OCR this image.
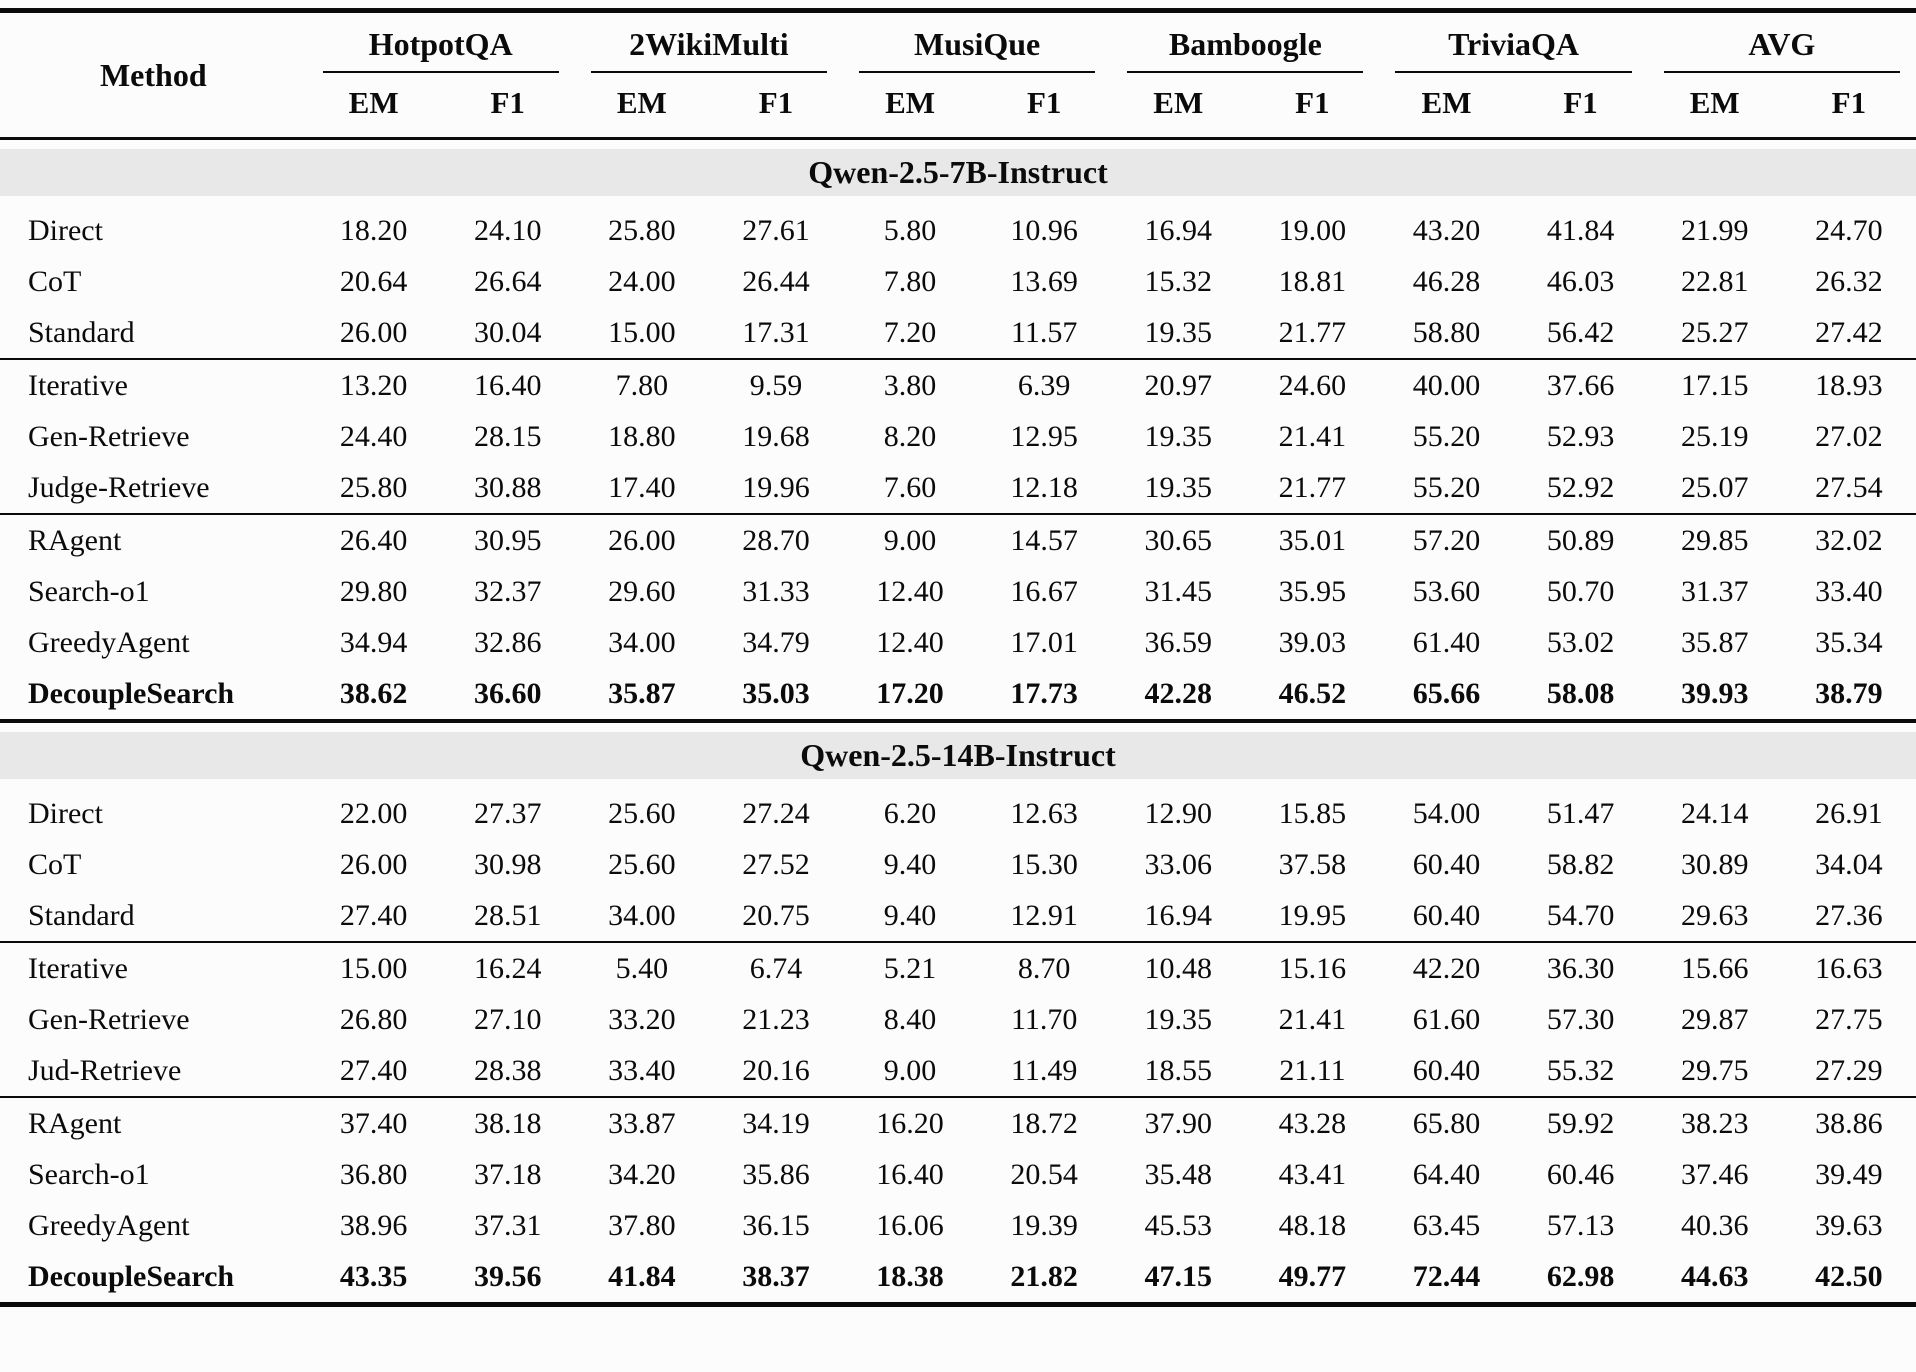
Method	HotpotQA		2WikiMulti		MusiQue		Bamboogle		TriviaQA		AVG	

	EM	F1	EM	F1	EM	F1	EM	F1	EM	F1	EM	F1

Qwen-2.5-7B-Instruct												

Direct	18.20	24.10	25.80	27.61	5.80	10.96	16.94	19.00	43.20	41.84	21.99	24.70
CoT	20.64	26.64	24.00	26.44	7.80	13.69	15.32	18.81	46.28	46.03	22.81	26.32
Standard	26.00	30.04	15.00	17.31	7.20	11.57	19.35	21.77	58.80	56.42	25.27	27.42
Iterative	13.20	16.40	7.80	9.59	3.80	6.39	20.97	24.60	40.00	37.66	17.15	18.93
Gen-Retrieve	24.40	28.15	18.80	19.68	8.20	12.95	19.35	21.41	55.20	52.93	25.19	27.02
Judge-Retrieve	25.80	30.88	17.40	19.96	7.60	12.18	19.35	21.77	55.20	52.92	25.07	27.54
RAgent	26.40	30.95	26.00	28.70	9.00	14.57	30.65	35.01	57.20	50.89	29.85	32.02
Search-o1	29.80	32.37	29.60	31.33	12.40	16.67	31.45	35.95	53.60	50.70	31.37	33.40
GreedyAgent	34.94	32.86	34.00	34.79	12.40	17.01	36.59	39.03	61.40	53.02	35.87	35.34
DecoupleSearch	38.62	36.60	35.87	35.03	17.20	17.73	42.28	46.52	65.66	58.08	39.93	38.79

Qwen-2.5-14B-Instruct												

Direct	22.00	27.37	25.60	27.24	6.20	12.63	12.90	15.85	54.00	51.47	24.14	26.91
CoT	26.00	30.98	25.60	27.52	9.40	15.30	33.06	37.58	60.40	58.82	30.89	34.04
Standard	27.40	28.51	34.00	20.75	9.40	12.91	16.94	19.95	60.40	54.70	29.63	27.36
Iterative	15.00	16.24	5.40	6.74	5.21	8.70	10.48	15.16	42.20	36.30	15.66	16.63
Gen-Retrieve	26.80	27.10	33.20	21.23	8.40	11.70	19.35	21.41	61.60	57.30	29.87	27.75
Jud-Retrieve	27.40	28.38	33.40	20.16	9.00	11.49	18.55	21.11	60.40	55.32	29.75	27.29
RAgent	37.40	38.18	33.87	34.19	16.20	18.72	37.90	43.28	65.80	59.92	38.23	38.86
Search-o1	36.80	37.18	34.20	35.86	16.40	20.54	35.48	43.41	64.40	60.46	37.46	39.49
GreedyAgent	38.96	37.31	37.80	36.15	16.06	19.39	45.53	48.18	63.45	57.13	40.36	39.63
DecoupleSearch	43.35	39.56	41.84	38.37	18.38	21.82	47.15	49.77	72.44	62.98	44.63	42.50
